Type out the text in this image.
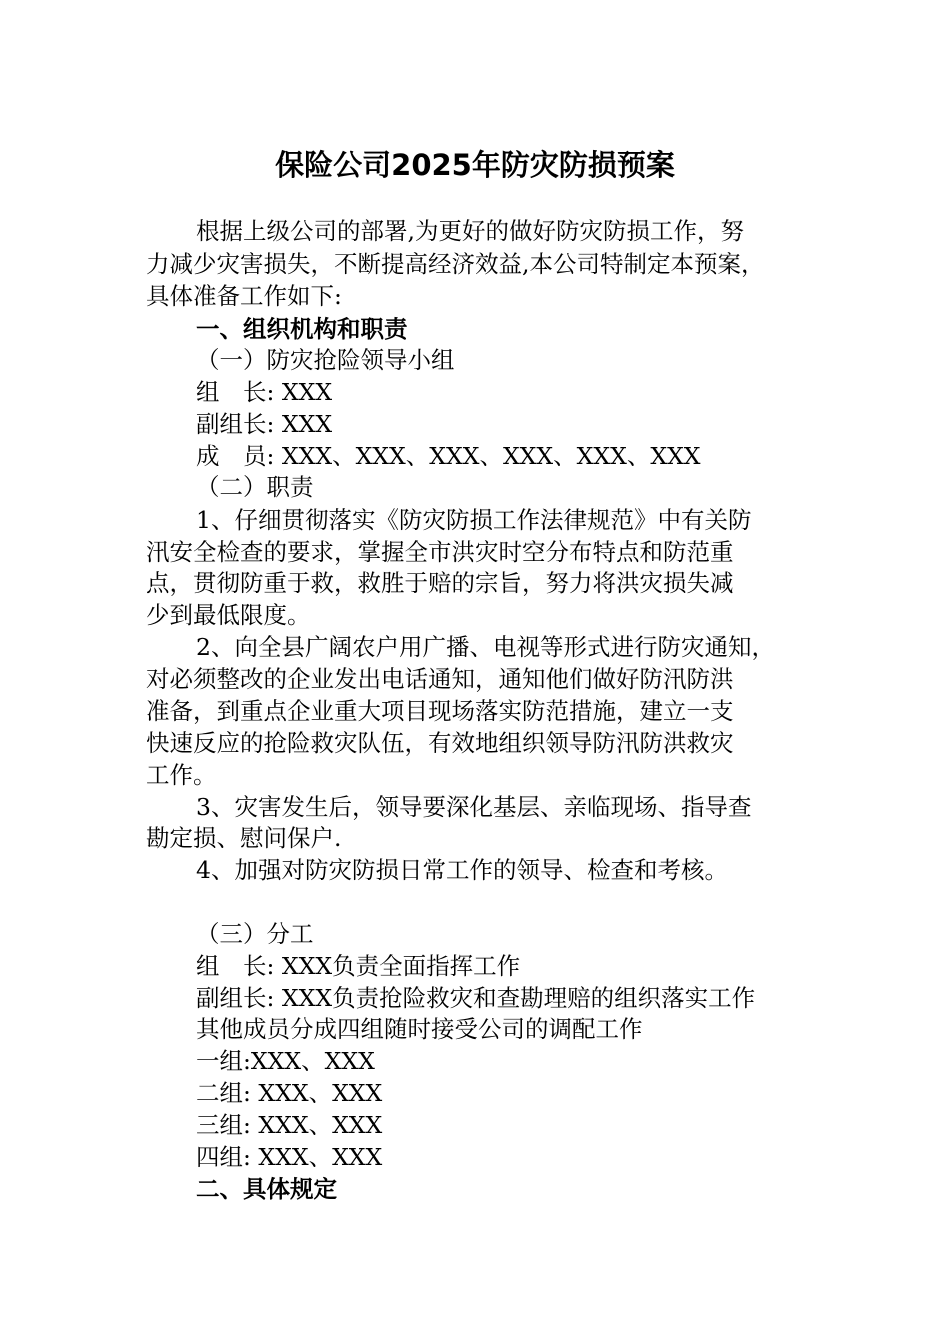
保险公司2025年防灾防损预案
根据上级公司的部署,为更好的做好防灾防损工作，努
力减少灾害损失，不断提高经济效益,本公司特制定本预案，
具体准备工作如下:
一、组织机构和职责
（一）防灾抢险领导小组
组　长: XXX
副组长: XXX
成　员: XXX、XXX、XXX、XXX、XXX、XXX
（二）职责
1、仔细贯彻落实《防灾防损工作法律规范》中有关防
汛安全检查的要求，掌握全市洪灾时空分布特点和防范重
点，贯彻防重于救，救胜于赔的宗旨，努力将洪灾损失减
少到最低限度。
2、向全县广阔农户用广播、电视等形式进行防灾通知，
对必须整改的企业发出电话通知，通知他们做好防汛防洪
准备，到重点企业重大项目现场落实防范措施，建立一支
快速反应的抢险救灾队伍，有效地组织领导防汛防洪救灾
工作。
3、灾害发生后，领导要深化基层、亲临现场、指导查
勘定损、慰问保户.
4、加强对防灾防损日常工作的领导、检查和考核。
（三）分工
组　长: XXX负责全面指挥工作
副组长: XXX负责抢险救灾和查勘理赔的组织落实工作
其他成员分成四组随时接受公司的调配工作
一组:XXX、XXX
二组: XXX、XXX
三组: XXX、XXX
四组: XXX、XXX
二、具体规定
